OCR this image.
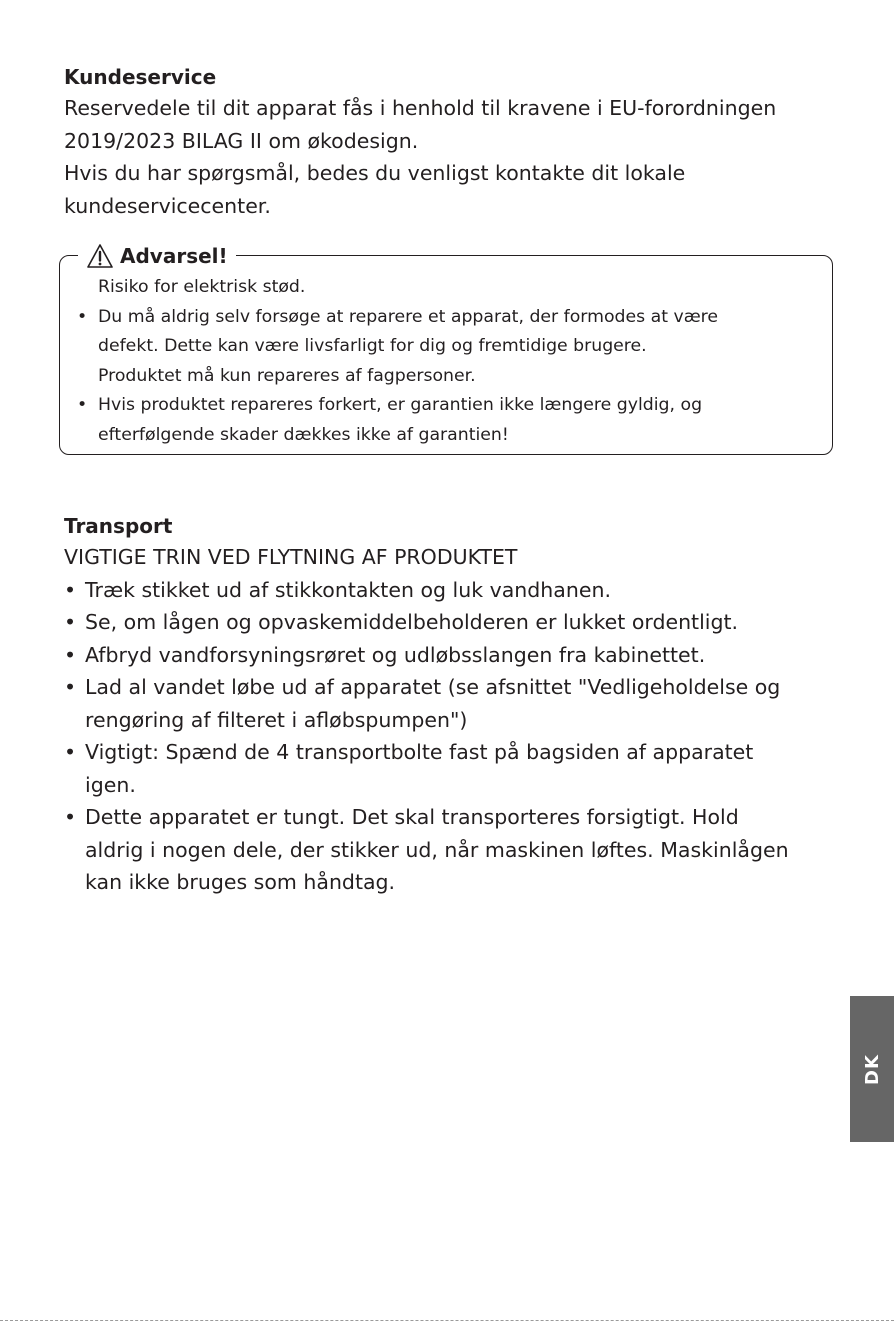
Kundeservice
Reservedele til dit apparat fås i henhold til kravene i EU-forordningen
2019/2023 BILAG II om økodesign.
Hvis du har spørgsmål, bedes du venligst kontakte dit lokale
kundeservicecenter.
Advarsel!
Risiko for elektrisk stød.
• Du må aldrig selv forsøge at reparere et apparat, der formodes at være
defekt. Dette kan være livsfarligt for dig og fremtidige brugere.
Produktet må kun repareres af fagpersoner.
• Hvis produktet repareres forkert, er garantien ikke længere gyldig, og
efterfølgende skader dækkes ikke af garantien!
Transport
VIGTIGE TRIN VED FLYTNING AF PRODUKTET
• Træk stikket ud af stikkontakten og luk vandhanen.
• Se, om lågen og opvaskemiddelbeholderen er lukket ordentligt.
• Afbryd vandforsyningsrøret og udløbsslangen fra kabinettet.
• Lad al vandet løbe ud af apparatet (se afsnittet "Vedligeholdelse og
rengøring af filteret i afløbspumpen")
• Vigtigt: Spænd de 4 transportbolte fast på bagsiden af apparatet
igen.
• Dette apparatet er tungt. Det skal transporteres forsigtigt. Hold
aldrig i nogen dele, der stikker ud, når maskinen løftes. Maskinlågen
kan ikke bruges som håndtag.
DK
